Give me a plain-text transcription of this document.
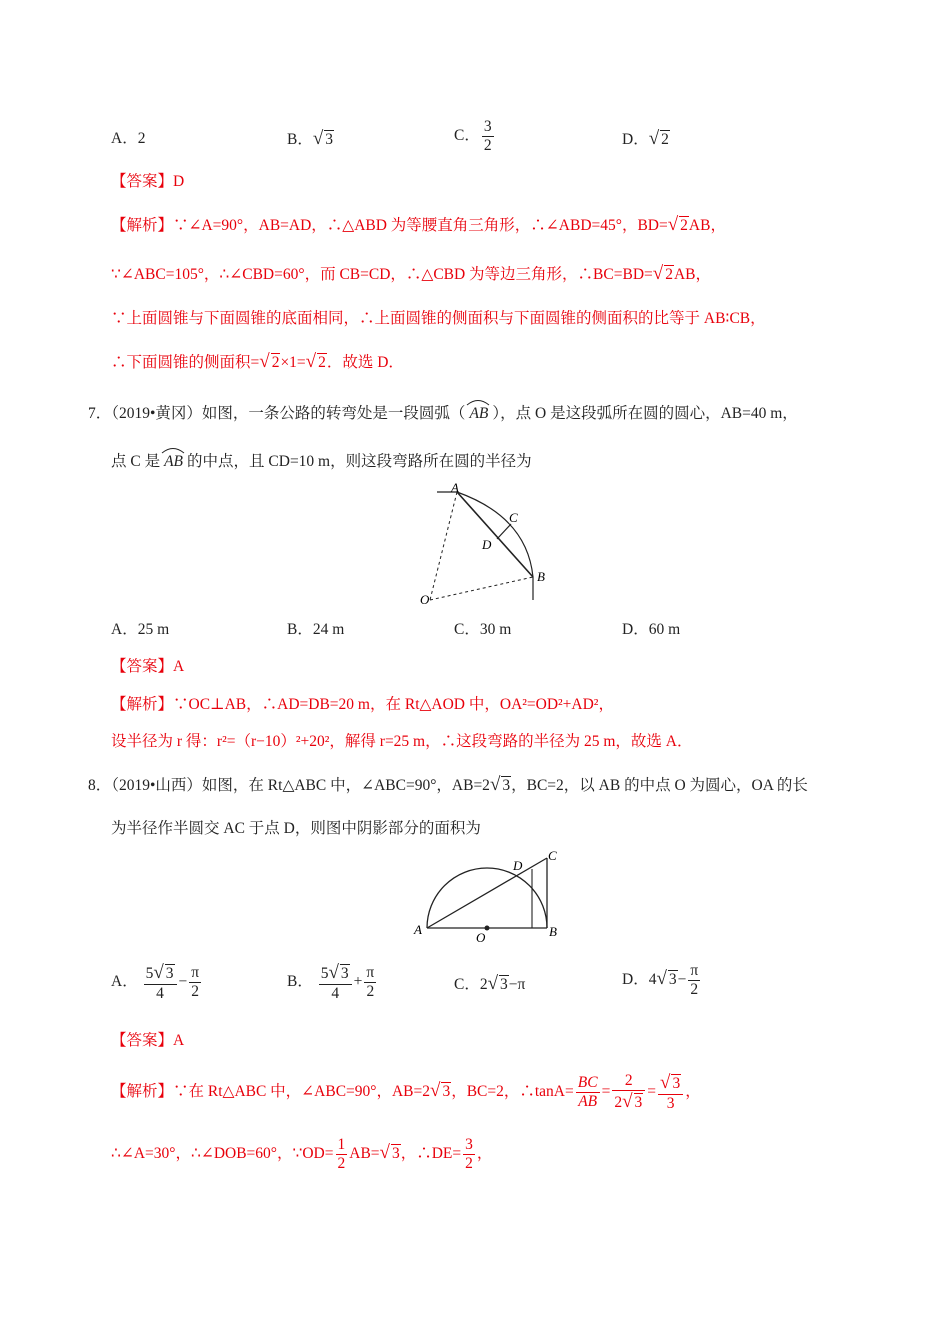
A．2	B．√ 3	C． $\frac{3}{2}$	D．√ 2
【答案】D
【解析】∵∠A=90°，AB=AD，∴△ABD 为等腰直角三角形，∴∠ABD=45°，BD=√ 2AB，
∵∠ABC=105°，∴∠CBD=60°，而 CB=CD，∴△CBD 为等边三角形，∴BC=BD=√ 2AB，
∵上面圆锥与下面圆锥的底面相同，∴上面圆锥的侧面积与下面圆锥的侧面积的比等于 AB∶CB，
∴下面圆锥的侧面积=√ 2×1=√ 2．故选 D．
7．（2019•黄冈）如图，一条公路的转弯处是一段圆弧（ AB ），点 O 是这段弧所在圆的圆心，AB=40 m，
点 C 是 AB 的中点，且 CD=10 m，则这段弯路所在圆的半径为
A
B
C
D
O
A．25 m	B．24 m	C．30 m	D．60 m
【答案】A
【解析】∵OC⊥AB，∴AD=DB=20 m，在 Rt△AOD 中，OA²=OD²+AD²，
设半径为 r 得：r²=（r−10）²+20²，解得 r=25 m，∴这段弯路的半径为 25 m，故选 A．
8．（2019•山西）如图，在 Rt△ABC 中，∠ABC=90°，AB=2√ 3，BC=2，以 AB 的中点 O 为圆心，OA 的长
为半径作半圆交 AC 于点 D，则图中阴影部分的面积为
A	B
C
D
O
A． $\frac{5√ 3}{4} - \frac{\pi}{2}$	B． $\frac{5√ 3}{4} + \frac{\pi}{2}$	C．2√ 3−π	D．4√ $3- \frac{\pi}{2}$
【答案】A
【解析】∵在 Rt△ABC 中，∠ABC=90°，AB=2√ 3，BC=2，∴tanA= $\frac{BC}{AB} = \frac{2}{2√ 3} = \frac{√ 3}{3}$ ，
∴∠A=30°，∴∠DOB=60°，∵OD= $\frac{1}{2} AB=√$ 3，∴DE= $\frac{3}{2}$ ，
